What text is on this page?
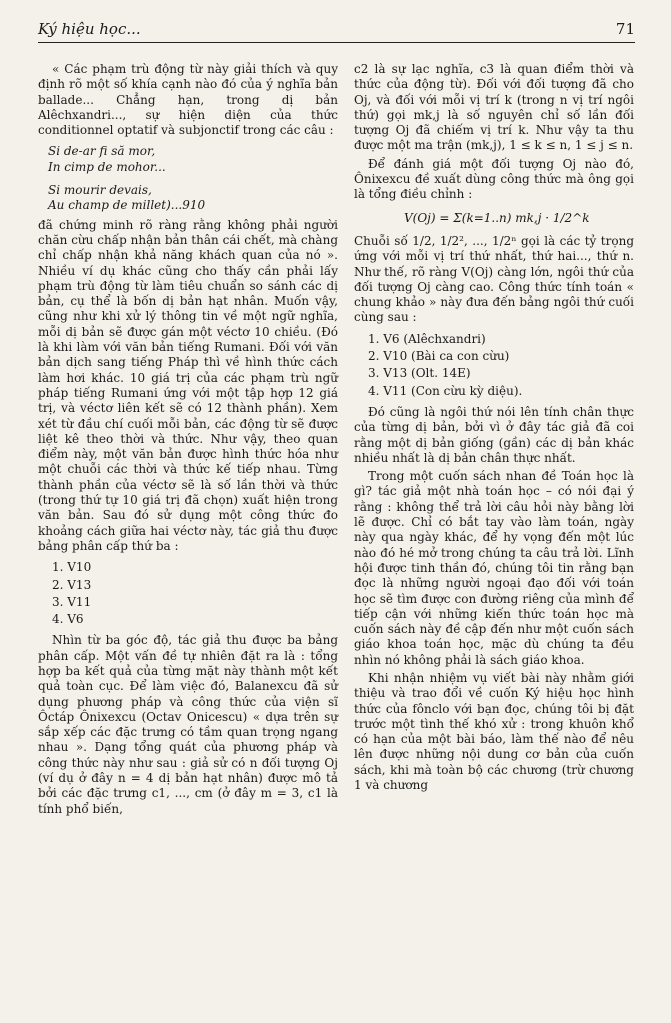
Ký hiệu học...	71

« Các phạm trù động từ này giải thích và quy định rõ một số khía cạnh nào đó của ý nghĩa bản ballade... Chẳng hạn, trong dị bản Alêchxandri..., sự hiện diện của thức conditionnel optatif và subjonctif trong các câu :

Si de-ar fi să mor,
In cimp de mohor...
Si mourir devais,
Au champ de millet)...910

đã chứng minh rõ ràng rằng không phải người chăn cừu chấp nhận bản thân cái chết, mà chàng chỉ chấp nhận khả năng khách quan của nó ». Nhiều ví dụ khác cũng cho thấy cần phải lấy phạm trù động từ làm tiêu chuẩn so sánh các dị bản, cụ thể là bốn dị bản hạt nhân. Muốn vậy, cũng như khi xử lý thông tin về một ngữ nghĩa, mỗi dị bản sẽ được gán một véctơ 10 chiều. (Đó là khi làm với văn bản tiếng Rumani. Đối với văn bản dịch sang tiếng Pháp thì về hình thức cách làm hơi khác. 10 giá trị của các phạm trù ngữ pháp tiếng Rumani ứng với một tập hợp 12 giá trị, và véctơ liên kết sẽ có 12 thành phần). Xem xét từ đầu chí cuối mỗi bản, các động từ sẽ được liệt kê theo thời và thức. Như vậy, theo quan điểm này, một văn bản được hình thức hóa như một chuỗi các thời và thức kế tiếp nhau. Từng thành phần của véctơ sẽ là số lần thời và thức (trong thứ tự 10 giá trị đã chọn) xuất hiện trong văn bản. Sau đó sử dụng một công thức đo khoảng cách giữa hai véctơ này, tác giả thu được bảng phân cấp thứ ba :

1. V10
2. V13
3. V11
4. V6

Nhìn từ ba góc độ, tác giả thu được ba bảng phân cấp. Một vấn đề tự nhiên đặt ra là : tổng hợp ba kết quả của từng mặt này thành một kết quả toàn cục. Để làm việc đó, Balanexcu đã sử dụng phương pháp và công thức của viện sĩ Ôctáp Ônixexcu (Octav Onicescu) « dựa trên sự sắp xếp các đặc trưng có tầm quan trọng ngang nhau ». Dạng tổng quát của phương pháp và công thức này như sau : giả sử có n đối tượng Oj (ví dụ ở đây n = 4 dị bản hạt nhân) được mô tả bởi các đặc trưng c1, ..., cm (ở đây m = 3, c1 là tính phổ biến,

c2 là sự lạc nghĩa, c3 là quan điểm thời và thức của động từ). Đối với đối tượng đã cho Oj, và đối với mỗi vị trí k (trong n vị trí ngôi thứ) gọi mk,j là số nguyên chỉ số lần đối tượng Oj đã chiếm vị trí k. Như vậy ta thu được một ma trận (mk,j), 1 ≤ k ≤ n, 1 ≤ j ≤ n.

Để đánh giá một đối tượng Oj nào đó, Ônixexcu đề xuất dùng công thức mà ông gọi là tổng điều chỉnh :

V(Oj) = Σ(k=1..n) mk,j · 1/2^k

Chuỗi số 1/2, 1/2², ..., 1/2ⁿ gọi là các tỷ trọng ứng với mỗi vị trí thứ nhất, thứ hai..., thứ n. Như thế, rõ ràng V(Oj) càng lớn, ngôi thứ của đối tượng Oj càng cao. Công thức tính toán « chung khảo » này đưa đến bảng ngôi thứ cuối cùng sau :

1. V6 (Alêchxandri)
2. V10 (Bài ca con cừu)
3. V13 (Olt. 14E)
4. V11 (Con cừu kỳ diệu).

Đó cũng là ngôi thứ nói lên tính chân thực của từng dị bản, bởi vì ở đây tác giả đã coi rằng một dị bản giống (gần) các dị bản khác nhiều nhất là dị bản chân thực nhất.

Trong một cuốn sách nhan đề Toán học là gì? tác giả một nhà toán học – có nói đại ý rằng : không thể trả lời câu hỏi này bằng lời lẽ được. Chỉ có bắt tay vào làm toán, ngày này qua ngày khác, để hy vọng đến một lúc nào đó hé mở trong chúng ta câu trả lời. Lĩnh hội được tinh thần đó, chúng tôi tin rằng bạn đọc là những người ngoại đạo đối với toán học sẽ tìm được con đường riêng của mình để tiếp cận với những kiến thức toán học mà cuốn sách này đề cập đến như một cuốn sách giáo khoa toán học, mặc dù chúng ta đều nhìn nó không phải là sách giáo khoa.

Khi nhận nhiệm vụ viết bài này nhằm giới thiệu và trao đổi về cuốn Ký hiệu học hình thức của fônclo với bạn đọc, chúng tôi bị đặt trước một tình thế khó xử : trong khuôn khổ có hạn của một bài báo, làm thế nào để nêu lên được những nội dung cơ bản của cuốn sách, khi mà toàn bộ các chương (trừ chương 1 và chương
